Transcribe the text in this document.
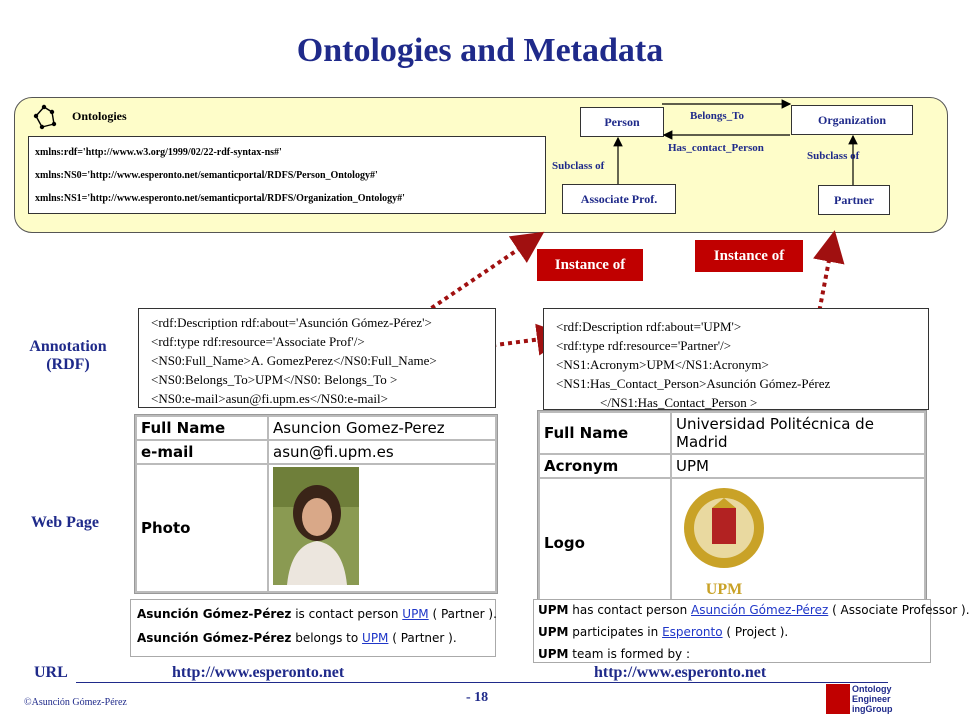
Ontologies and Metadata
Ontologies
xmlns:rdf='http://www.w3.org/1999/02/22-rdf-syntax-ns#'
xmlns:NS0='http://www.esperonto.net/semanticportal/RDFS/Person_Ontology#'
xmlns:NS1='http://www.esperonto.net/semanticportal/RDFS/Organization_Ontology#'
Person	Organization
Associate Prof.	Partner
Belongs_To
Has_contact_Person
Subclass of
Subclass of
Instance of
Instance of
Annotation
(RDF)
Web Page
<rdf:Description rdf:about='Asunción Gómez-Pérez'>
<rdf:type rdf:resource='Associate Prof'/>
<NS0:Full_Name>A. GomezPerez</NS0:Full_Name>
<NS0:Belongs_To>UPM</NS0: Belongs_To >
<NS0:e-mail>asun@fi.upm.es</NS0:e-mail>
<rdf:Description rdf:about='UPM'>
<rdf:type rdf:resource='Partner'/>
<NS1:Acronym>UPM</NS1:Acronym>
<NS1:Has_Contact_Person>Asunción Gómez-Pérez
</NS1:Has_Contact_Person >
Full Name	Asuncion Gomez-Perez
e-mail	asun@fi.upm.es
Photo	
Full Name	Universidad Politécnica de Madrid
Acronym	UPM
Logo	UPM
Asunción Gómez-Pérez is contact person UPM ( Partner ).
Asunción Gómez-Pérez belongs to UPM ( Partner ).
UPM has contact person Asunción Gómez-Pérez ( Associate Professor ).
UPM participates in Esperonto ( Project ).
UPM team is formed by :
URL	http://www.esperonto.net	http://www.esperonto.net
©Asunción Gómez-Pérez	- 18
Ontology
Engineer
ingGroup
